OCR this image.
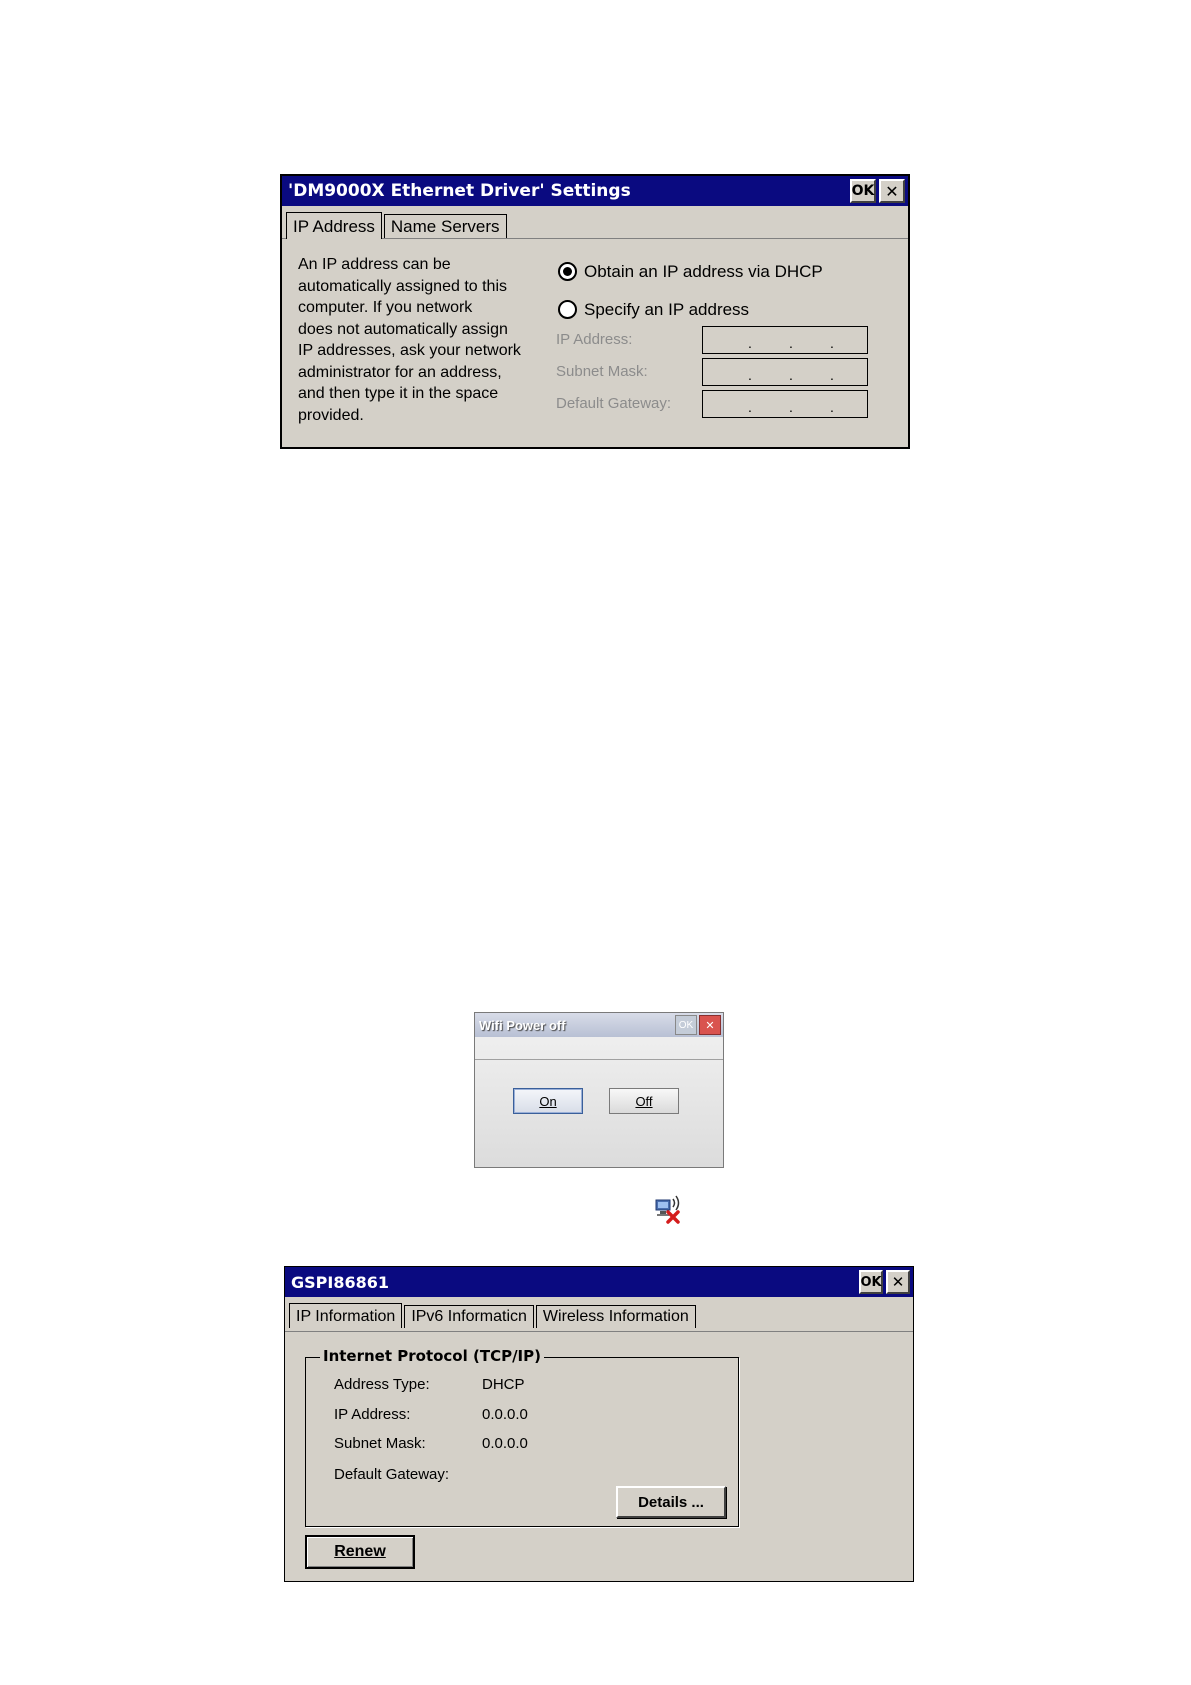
'DM9000X Ethernet Driver' Settings	OK ✕
IP Address Name Servers
An IP address can be
automatically assigned to this
computer. If you network
does not automatically assign
IP addresses, ask your network
administrator for an address,
and then type it in the space
provided.
Obtain an IP address via DHCP
Specify an IP address
IP Address:	.	.	.
Subnet Mask:	.	.	.
Default Gateway:	.	.	.
Wifi Power off	OK	✕
On	Off
GSPI86861	OK ✕
IP Information	IPv6 Informaticn	Wireless Information
Internet Protocol (TCP/IP)
Address Type:	DHCP
IP Address:	0.0.0.0
Subnet Mask:	0.0.0.0
Default Gateway:
Details ...
Renew
